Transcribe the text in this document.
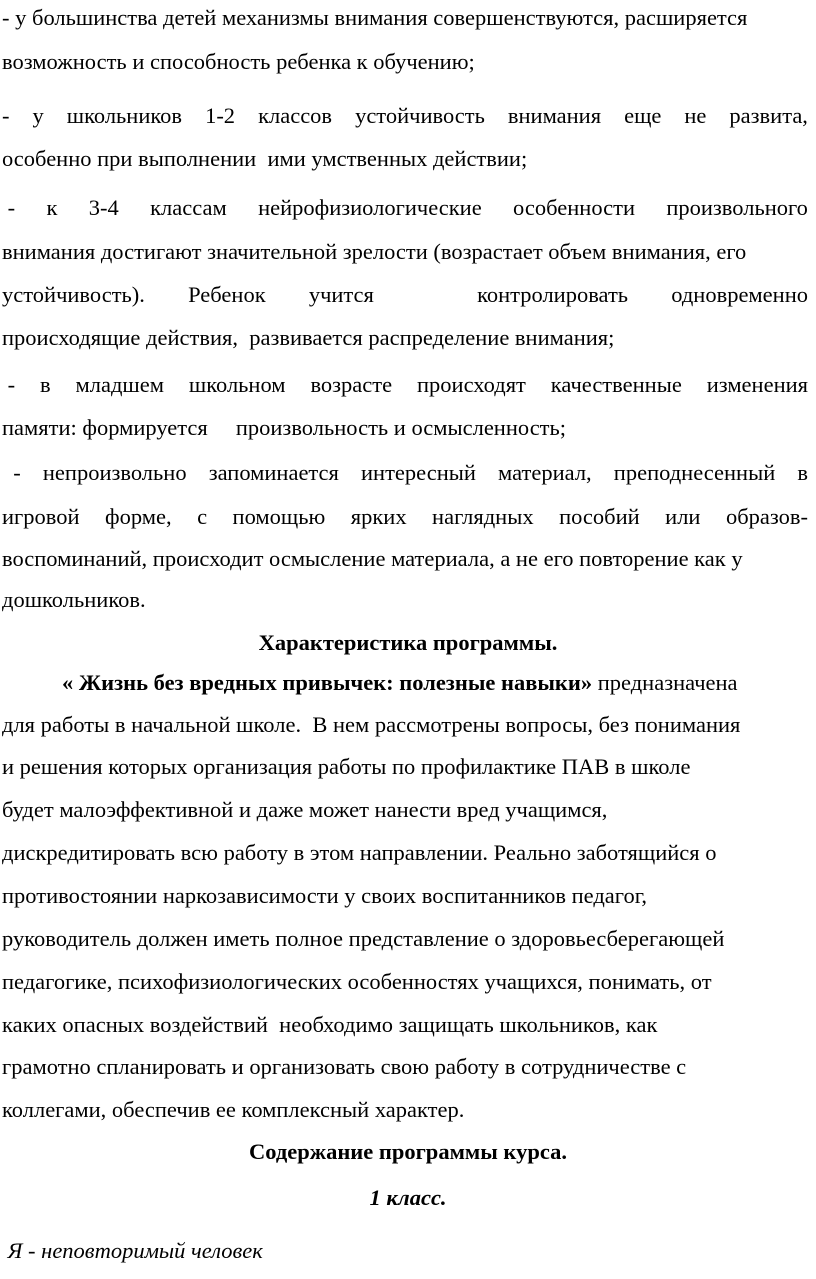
- у большинства детей механизмы внимания совершенствуются, расширяется
возможность и способность ребенка к обучению;
- у школьников 1-2 классов устойчивость внимания еще не развита,
особенно при выполнении  ими умственных действии;
- к 3-4 классам нейрофизиологические особенности произвольного
внимания достигают значительной зрелости (возрастает объем внимания, его
устойчивость). Ребенок учится	контролировать одновременно
происходящие действия,  развивается распределение внимания;
- в младшем школьном возрасте происходят качественные изменения
памяти: формируется     произвольность и осмысленность;
- непроизвольно запоминается интересный материал, преподнесенный в
игровой форме, с помощью ярких наглядных пособий или образов-
воспоминаний, происходит осмысление материала, а не его повторение как у
дошкольников.
Характеристика программы.
« Жизнь без вредных привычек: полезные навыки» предназначена
для работы в начальной школе.  В нем рассмотрены вопросы, без понимания
и решения которых организация работы по профилактике ПАВ в школе
будет малоэффективной и даже может нанести вред учащимся,
дискредитировать всю работу в этом направлении. Реально заботящийся о
противостоянии наркозависимости у своих воспитанников педагог,
руководитель должен иметь полное представление о здоровьесберегающей
педагогике, психофизиологических особенностях учащихся, понимать, от
каких опасных воздействий  необходимо защищать школьников, как
грамотно спланировать и организовать свою работу в сотрудничестве с
коллегами, обеспечив ее комплексный характер.
Содержание программы курса.
1 класс.
Я - неповторимый человек
